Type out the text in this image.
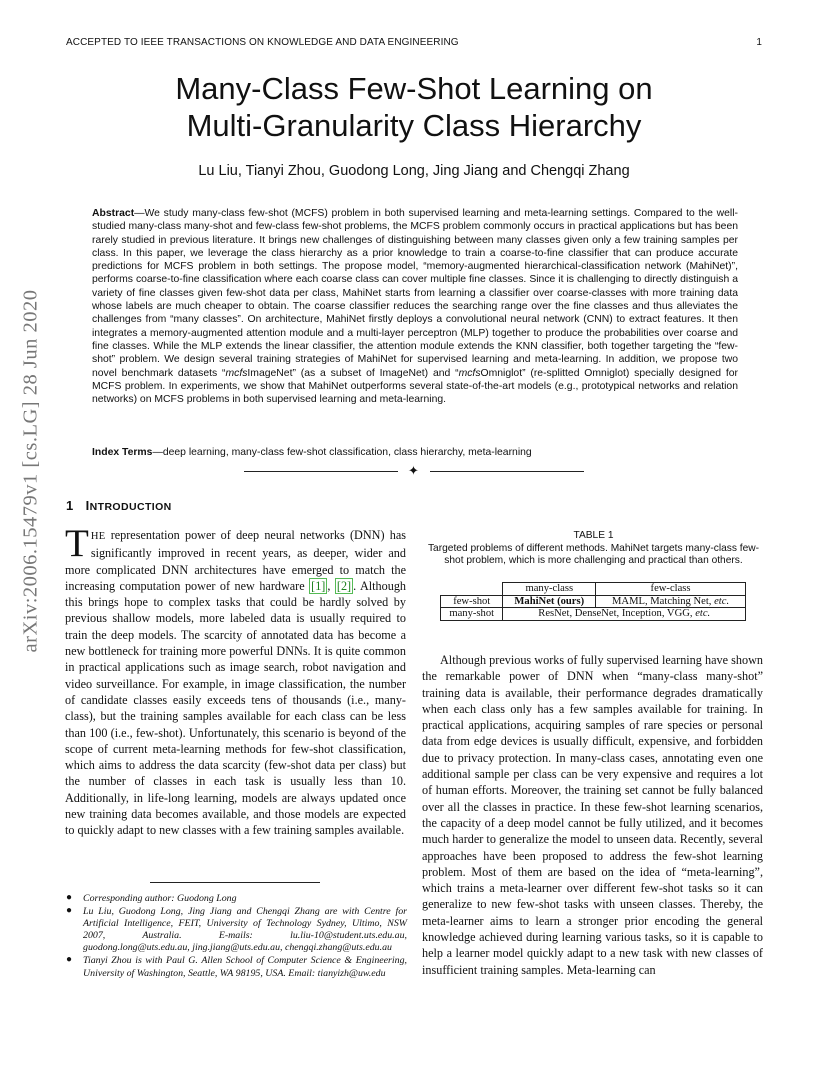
ACCEPTED TO IEEE TRANSACTIONS ON KNOWLEDGE AND DATA ENGINEERING	1
arXiv:2006.15479v1 [cs.LG] 28 Jun 2020
Many-Class Few-Shot Learning on
Multi-Granularity Class Hierarchy
Lu Liu, Tianyi Zhou, Guodong Long, Jing Jiang and Chengqi Zhang
Abstract—We study many-class few-shot (MCFS) problem in both supervised learning and meta-learning settings. Compared to the well-studied many-class many-shot and few-class few-shot problems, the MCFS problem commonly occurs in practical applications but has been rarely studied in previous literature. It brings new challenges of distinguishing between many classes given only a few training samples per class. In this paper, we leverage the class hierarchy as a prior knowledge to train a coarse-to-fine classifier that can produce accurate predictions for MCFS problem in both settings. The propose model, “memory-augmented hierarchical-classification network (MahiNet)”, performs coarse-to-fine classification where each coarse class can cover multiple fine classes. Since it is challenging to directly distinguish a variety of fine classes given few-shot data per class, MahiNet starts from learning a classifier over coarse-classes with more training data whose labels are much cheaper to obtain. The coarse classifier reduces the searching range over the fine classes and thus alleviates the challenges from “many classes”. On architecture, MahiNet firstly deploys a convolutional neural network (CNN) to extract features. It then integrates a memory-augmented attention module and a multi-layer perceptron (MLP) together to produce the probabilities over coarse and fine classes. While the MLP extends the linear classifier, the attention module extends the KNN classifier, both together targeting the “few-shot” problem. We design several training strategies of MahiNet for supervised learning and meta-learning. In addition, we propose two novel benchmark datasets “mcfsImageNet” (as a subset of ImageNet) and “mcfsOmniglot” (re-splitted Omniglot) specially designed for MCFS problem. In experiments, we show that MahiNet outperforms several state-of-the-art models (e.g., prototypical networks and relation networks) on MCFS problems in both supervised learning and meta-learning.
Index Terms—deep learning, many-class few-shot classification, class hierarchy, meta-learning
✦
1 INTRODUCTION
THE representation power of deep neural networks (DNN) has significantly improved in recent years, as deeper, wider and more complicated DNN architectures have emerged to match the increasing computation power of new hardware [1] , [2] . Although this brings hope to complex tasks that could be hardly solved by previous shallow models, more labeled data is usually required to train the deep models. The scarcity of annotated data has become a new bottleneck for training more powerful DNNs. It is quite common in practical applications such as image search, robot navigation and video surveillance. For example, in image classification, the number of candidate classes easily exceeds tens of thousands (i.e., many-class), but the training samples available for each class can be less than 100 (i.e., few-shot). Unfortunately, this scenario is beyond of the scope of current meta-learning methods for few-shot classification, which aims to address the data scarcity (few-shot data per class) but the number of classes in each task is usually less than 10. Additionally, in life-long learning, models are always updated once new training data becomes available, and those models are expected to quickly adapt to new classes with a few training samples available.
● Corresponding author: Guodong Long
● Lu Liu, Guodong Long, Jing Jiang and Chengqi Zhang are with Centre for Artificial Intelligence, FEIT, University of Technology Sydney, Ultimo, NSW 2007, Australia. E-mails: lu.liu-10@student.uts.edu.au, guodong.long@uts.edu.au, jing.jiang@uts.edu.au, chengqi.zhang@uts.edu.au
● Tianyi Zhou is with Paul G. Allen School of Computer Science & Engineering, University of Washington, Seattle, WA 98195, USA. Email: tianyizh@uw.edu
TABLE 1
Targeted problems of different methods. MahiNet targets many-class few-shot problem, which is more challenging and practical than others.
	many-class	few-class
few-shot	MahiNet (ours)	MAML, Matching Net, etc.
many-shot	ResNet, DenseNet, Inception, VGG, etc.	
Although previous works of fully supervised learning have shown the remarkable power of DNN when “many-class many-shot” training data is available, their performance degrades dramatically when each class only has a few samples available for training. In practical applications, acquiring samples of rare species or personal data from edge devices is usually difficult, expensive, and forbidden due to privacy protection. In many-class cases, annotating even one additional sample per class can be very expensive and requires a lot of human efforts. Moreover, the training set cannot be fully balanced over all the classes in practice. In these few-shot learning scenarios, the capacity of a deep model cannot be fully utilized, and it becomes much harder to generalize the model to unseen data. Recently, several approaches have been proposed to address the few-shot learning problem. Most of them are based on the idea of “meta-learning”, which trains a meta-learner over different few-shot tasks so it can generalize to new few-shot tasks with unseen classes. Thereby, the meta-learner aims to learn a stronger prior encoding the general knowledge achieved during learning various tasks, so it is capable to help a learner model quickly adapt to a new task with new classes of insufficient training samples. Meta-learning can
